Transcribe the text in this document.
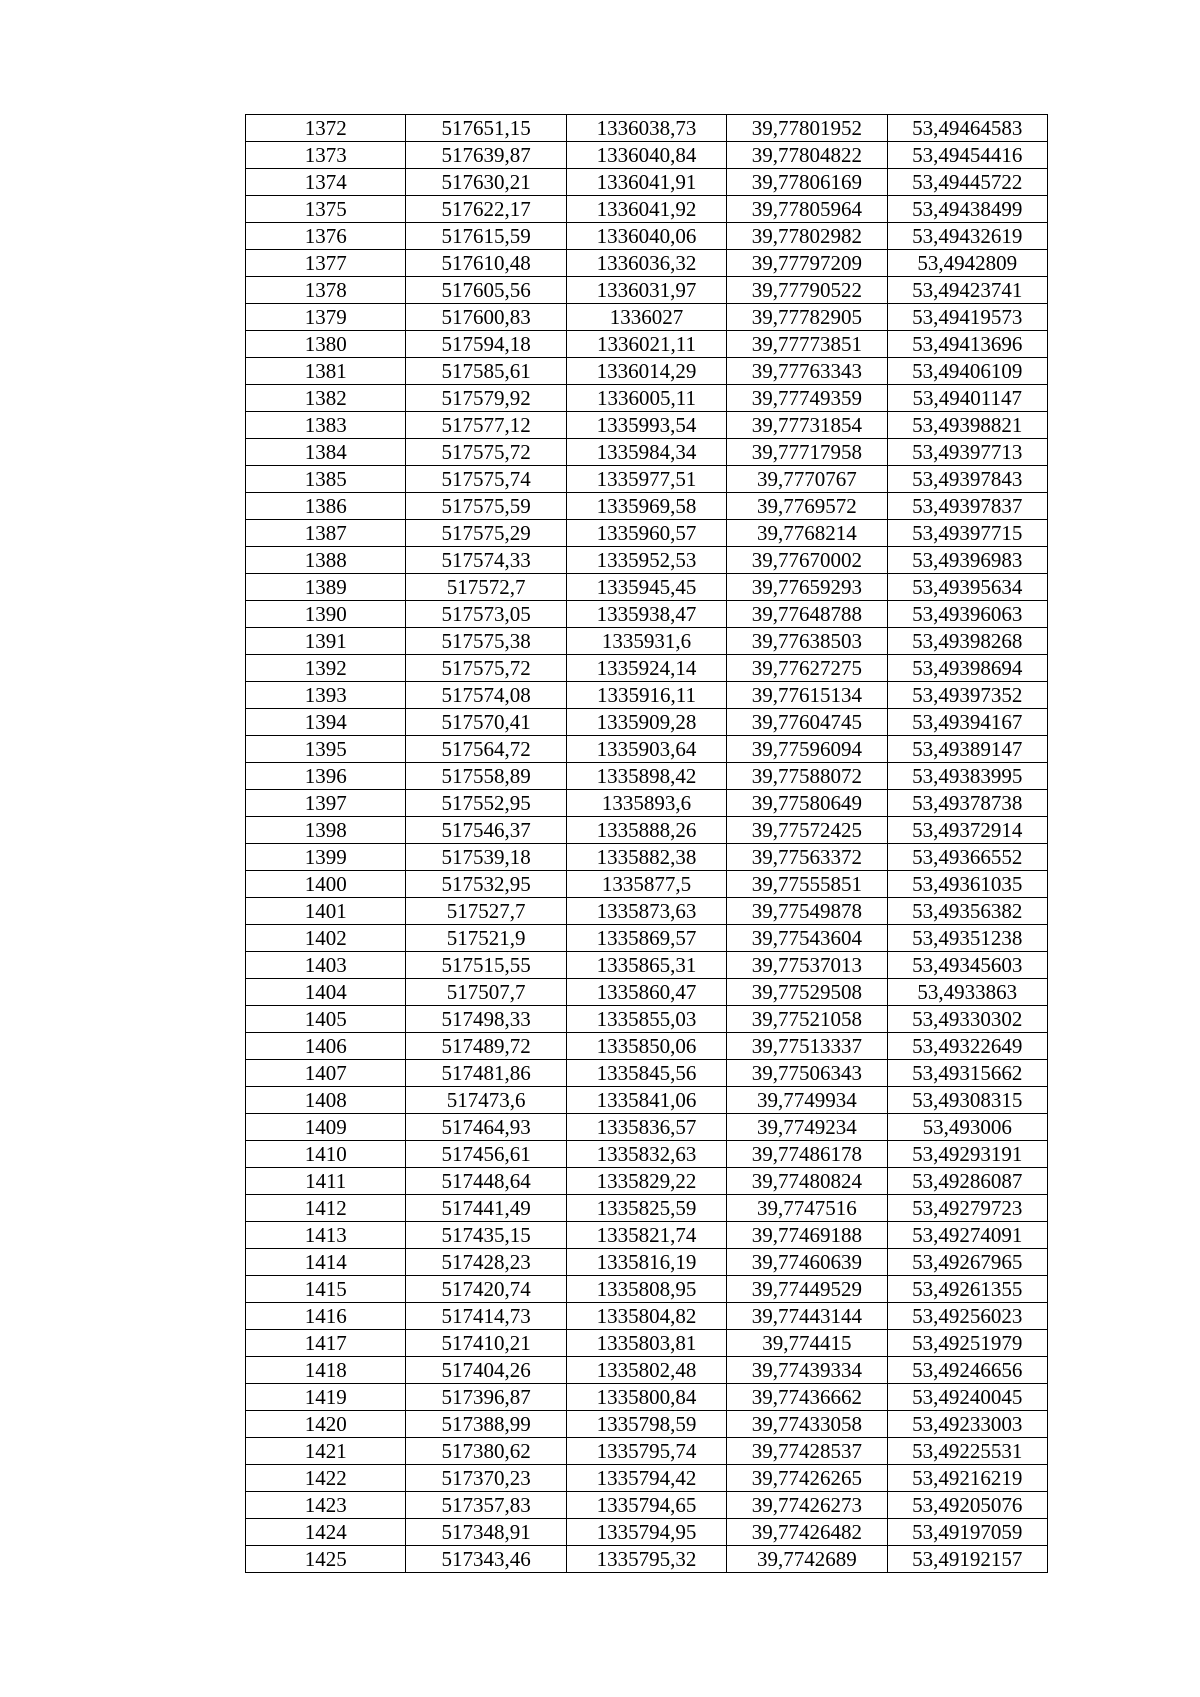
1372	517651,15	1336038,73	39,77801952	53,49464583
1373	517639,87	1336040,84	39,77804822	53,49454416
1374	517630,21	1336041,91	39,77806169	53,49445722
1375	517622,17	1336041,92	39,77805964	53,49438499
1376	517615,59	1336040,06	39,77802982	53,49432619
1377	517610,48	1336036,32	39,77797209	53,4942809
1378	517605,56	1336031,97	39,77790522	53,49423741
1379	517600,83	1336027	39,77782905	53,49419573
1380	517594,18	1336021,11	39,77773851	53,49413696
1381	517585,61	1336014,29	39,77763343	53,49406109
1382	517579,92	1336005,11	39,77749359	53,49401147
1383	517577,12	1335993,54	39,77731854	53,49398821
1384	517575,72	1335984,34	39,77717958	53,49397713
1385	517575,74	1335977,51	39,7770767	53,49397843
1386	517575,59	1335969,58	39,7769572	53,49397837
1387	517575,29	1335960,57	39,7768214	53,49397715
1388	517574,33	1335952,53	39,77670002	53,49396983
1389	517572,7	1335945,45	39,77659293	53,49395634
1390	517573,05	1335938,47	39,77648788	53,49396063
1391	517575,38	1335931,6	39,77638503	53,49398268
1392	517575,72	1335924,14	39,77627275	53,49398694
1393	517574,08	1335916,11	39,77615134	53,49397352
1394	517570,41	1335909,28	39,77604745	53,49394167
1395	517564,72	1335903,64	39,77596094	53,49389147
1396	517558,89	1335898,42	39,77588072	53,49383995
1397	517552,95	1335893,6	39,77580649	53,49378738
1398	517546,37	1335888,26	39,77572425	53,49372914
1399	517539,18	1335882,38	39,77563372	53,49366552
1400	517532,95	1335877,5	39,77555851	53,49361035
1401	517527,7	1335873,63	39,77549878	53,49356382
1402	517521,9	1335869,57	39,77543604	53,49351238
1403	517515,55	1335865,31	39,77537013	53,49345603
1404	517507,7	1335860,47	39,77529508	53,4933863
1405	517498,33	1335855,03	39,77521058	53,49330302
1406	517489,72	1335850,06	39,77513337	53,49322649
1407	517481,86	1335845,56	39,77506343	53,49315662
1408	517473,6	1335841,06	39,7749934	53,49308315
1409	517464,93	1335836,57	39,7749234	53,493006
1410	517456,61	1335832,63	39,77486178	53,49293191
1411	517448,64	1335829,22	39,77480824	53,49286087
1412	517441,49	1335825,59	39,7747516	53,49279723
1413	517435,15	1335821,74	39,77469188	53,49274091
1414	517428,23	1335816,19	39,77460639	53,49267965
1415	517420,74	1335808,95	39,77449529	53,49261355
1416	517414,73	1335804,82	39,77443144	53,49256023
1417	517410,21	1335803,81	39,774415	53,49251979
1418	517404,26	1335802,48	39,77439334	53,49246656
1419	517396,87	1335800,84	39,77436662	53,49240045
1420	517388,99	1335798,59	39,77433058	53,49233003
1421	517380,62	1335795,74	39,77428537	53,49225531
1422	517370,23	1335794,42	39,77426265	53,49216219
1423	517357,83	1335794,65	39,77426273	53,49205076
1424	517348,91	1335794,95	39,77426482	53,49197059
1425	517343,46	1335795,32	39,7742689	53,49192157
